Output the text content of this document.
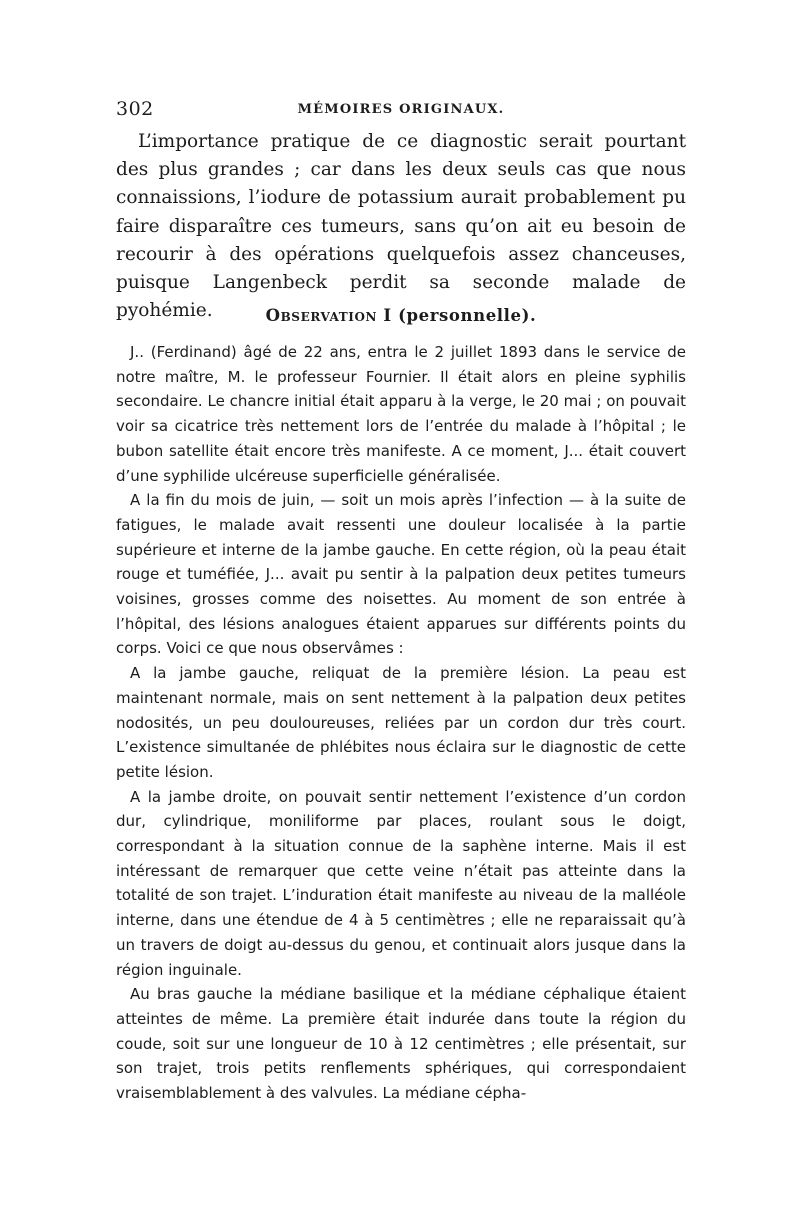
302	MÉMOIRES ORIGINAUX.

L’importance pratique de ce diagnostic serait pourtant des plus grandes ; car dans les deux seuls cas que nous connaissions, l’iodure de potassium aurait probablement pu faire disparaître ces tumeurs, sans qu’on ait eu besoin de recourir à des opérations quelquefois assez chanceuses, puisque Langenbeck perdit sa seconde malade de pyohémie.	Observation I (personnelle).

J.. (Ferdinand) âgé de 22 ans, entra le 2 juillet 1893 dans le service de notre maître, M. le professeur Fournier. Il était alors en pleine syphilis secondaire. Le chancre initial était apparu à la verge, le 20 mai ; on pouvait voir sa cicatrice très nettement lors de l’entrée du malade à l’hôpital ; le bubon satellite était encore très manifeste. A ce moment, J... était couvert d’une syphilide ulcéreuse superficielle généralisée.

A la fin du mois de juin, — soit un mois après l’infection — à la suite de fatigues, le malade avait ressenti une douleur localisée à la partie supérieure et interne de la jambe gauche. En cette région, où la peau était rouge et tuméfiée, J... avait pu sentir à la palpation deux petites tumeurs voisines, grosses comme des noisettes. Au moment de son entrée à l’hôpital, des lésions analogues étaient apparues sur différents points du corps. Voici ce que nous observâmes :

A la jambe gauche, reliquat de la première lésion. La peau est maintenant normale, mais on sent nettement à la palpation deux petites nodosités, un peu douloureuses, reliées par un cordon dur très court. L’existence simultanée de phlébites nous éclaira sur le diagnostic de cette petite lésion.

A la jambe droite, on pouvait sentir nettement l’existence d’un cordon dur, cylindrique, moniliforme par places, roulant sous le doigt, correspondant à la situation connue de la saphène interne. Mais il est intéressant de remarquer que cette veine n’était pas atteinte dans la totalité de son trajet. L’induration était manifeste au niveau de la malléole interne, dans une étendue de 4 à 5 centimètres ; elle ne reparaissait qu’à un travers de doigt au-dessus du genou, et continuait alors jusque dans la région inguinale.

Au bras gauche la médiane basilique et la médiane céphalique étaient atteintes de même. La première était indurée dans toute la région du coude, soit sur une longueur de 10 à 12 centimètres ; elle présentait, sur son trajet, trois petits renflements sphériques, qui correspondaient vraisemblablement à des valvules. La médiane cépha-
